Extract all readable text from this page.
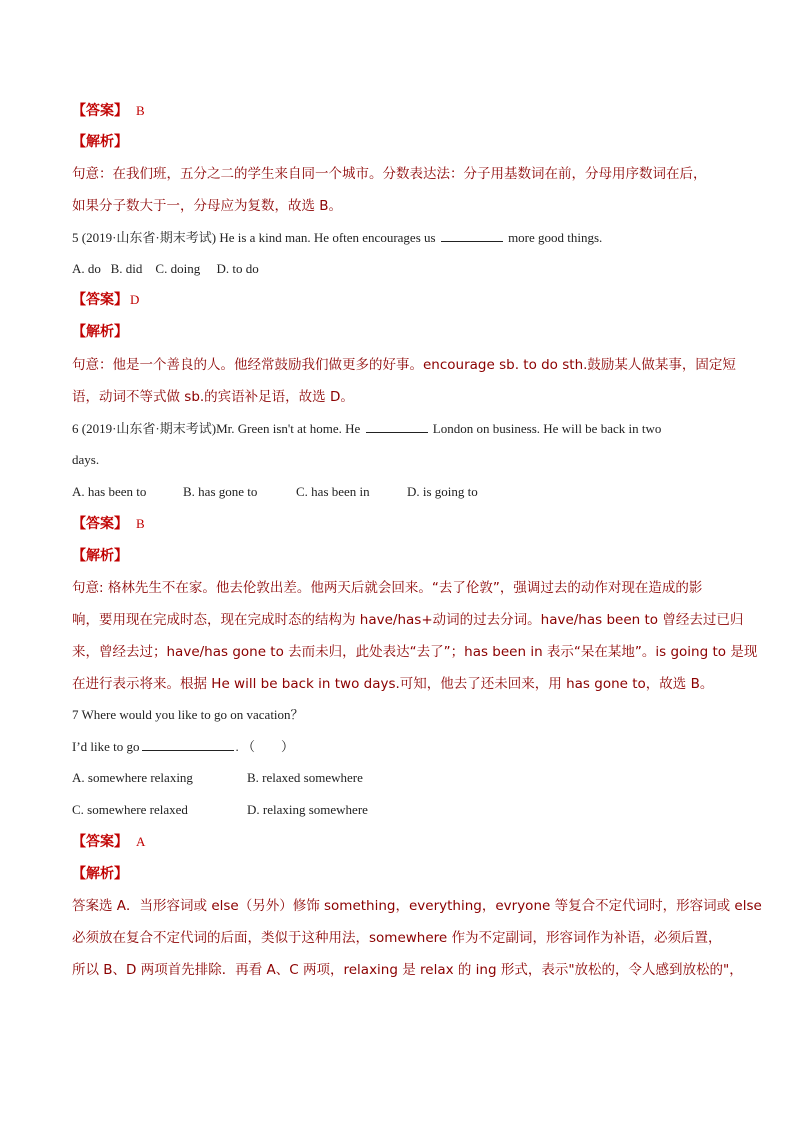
【答案】 B
【解析】
句意：在我们班，五分之二的学生来自同一个城市。分数表达法：分子用基数词在前，分母用序数词在后，
如果分子数大于一，分母应为复数，故选 B。
5 (2019·山东省·期末考试) He is a kind man. He often encourages us	more good things.
A. do   B. did    C. doing     D. to do
【答案】 D
【解析】
句意：他是一个善良的人。他经常鼓励我们做更多的好事。encourage sb. to do sth.鼓励某人做某事，固定短
语，动词不等式做 sb.的宾语补足语，故选 D。
6 (2019·山东省·期末考试)Mr. Green isn't at home. He	London on business. He will be back in two
days.
A. has been to	B. has gone to	C. has been in	D. is going to
【答案】 B
【解析】
句意: 格林先生不在家。他去伦敦出差。他两天后就会回来。“去了伦敦”，强调过去的动作对现在造成的影
响，要用现在完成时态，现在完成时态的结构为 have/has+动词的过去分词。have/has been to 曾经去过已归
来，曾经去过；have/has gone to 去而未归，此处表达“去了”；has been in 表示“呆在某地”。is going to 是现
在进行表示将来。根据 He will be back in two days.可知，他去了还未回来，用 has gone to，故选 B。
7 Where would you like to go on vacation？
I’d like to go	. （        ）
A. somewhere relaxing	B. relaxed somewhere
C. somewhere relaxed	D. relaxing somewhere
【答案】 A
【解析】
答案选 A．当形容词或 else（另外）修饰 something，everything，evryone 等复合不定代词时，形容词或 else
必须放在复合不定代词的后面，类似于这种用法，somewhere 作为不定副词，形容词作为补语，必须后置，
所以 B、D 两项首先排除．再看 A、C 两项，relaxing 是 relax 的 ing 形式，表示"放松的，令人感到放松的"，
